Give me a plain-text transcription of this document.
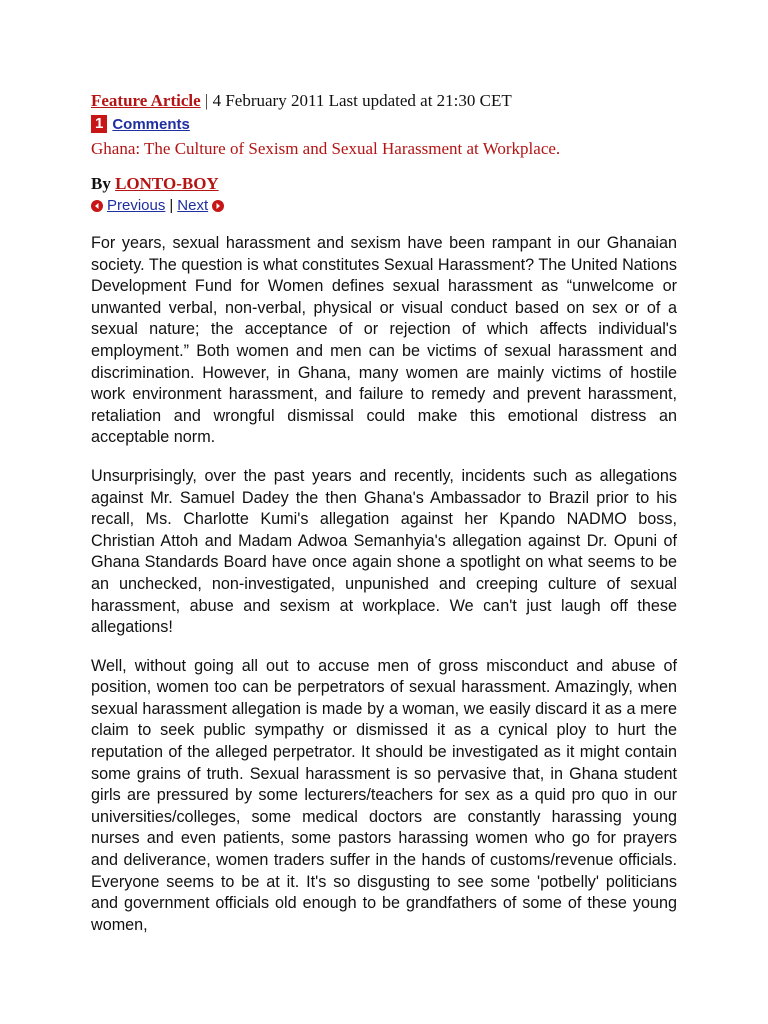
Feature Article | 4 February 2011 Last updated at 21:30 CET
1 Comments
Ghana: The Culture of Sexism and Sexual Harassment at Workplace.
By LONTO-BOY
Previous | Next

For years, sexual harassment and sexism have been rampant in our Ghanaian society. The question is what constitutes Sexual Harassment? The United Nations Development Fund for Women defines sexual harassment as “unwelcome or unwanted verbal, non-verbal, physical or visual conduct based on sex or of a sexual nature; the acceptance of or rejection of which affects individual's employment.” Both women and men can be victims of sexual harassment and discrimination. However, in Ghana, many women are mainly victims of hostile work environment harassment, and failure to remedy and prevent harassment, retaliation and wrongful dismissal could make this emotional distress an acceptable norm.

Unsurprisingly, over the past years and recently, incidents such as allegations against Mr. Samuel Dadey the then Ghana's Ambassador to Brazil prior to his recall, Ms. Charlotte Kumi's allegation against her Kpando NADMO boss, Christian Attoh and Madam Adwoa Semanhyia's allegation against Dr. Opuni of Ghana Standards Board have once again shone a spotlight on what seems to be an unchecked, non-investigated, unpunished and creeping culture of sexual harassment, abuse and sexism at workplace. We can't just laugh off these allegations!

Well, without going all out to accuse men of gross misconduct and abuse of position, women too can be perpetrators of sexual harassment. Amazingly, when sexual harassment allegation is made by a woman, we easily discard it as a mere claim to seek public sympathy or dismissed it as a cynical ploy to hurt the reputation of the alleged perpetrator. It should be investigated as it might contain some grains of truth. Sexual harassment is so pervasive that, in Ghana student girls are pressured by some lecturers/teachers for sex as a quid pro quo in our universities/colleges, some medical doctors are constantly harassing young nurses and even patients, some pastors harassing women who go for prayers and deliverance, women traders suffer in the hands of customs/revenue officials. Everyone seems to be at it. It's so disgusting to see some 'potbelly' politicians and government officials old enough to be grandfathers of some of these young women,
